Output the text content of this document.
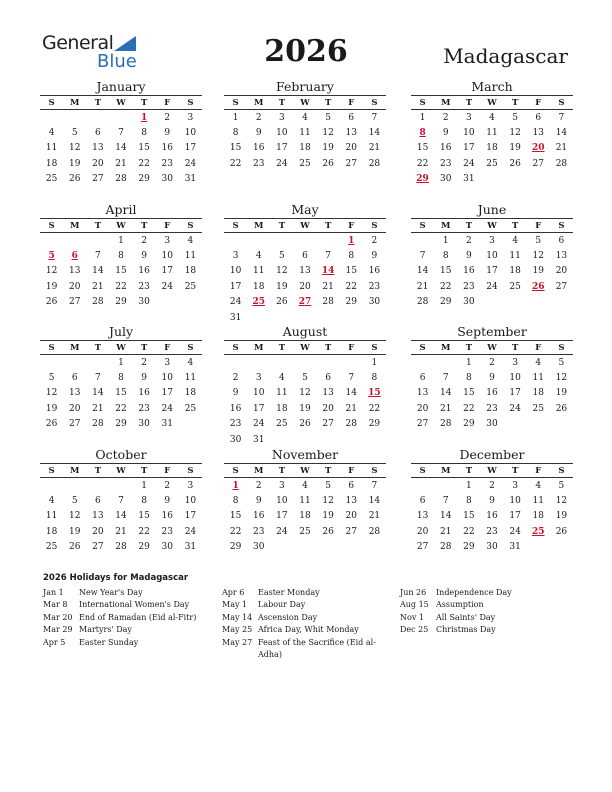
General
Blue	2026	Madagascar
January
S	M	T	W	T	F	S
				1	2	3
4	5	6	7	8	9	10
11	12	13	14	15	16	17
18	19	20	21	22	23	24
25	26	27	28	29	30	31
February
S	M	T	W	T	F	S
1	2	3	4	5	6	7
8	9	10	11	12	13	14
15	16	17	18	19	20	21
22	23	24	25	26	27	28
March
S	M	T	W	T	F	S
1	2	3	4	5	6	7
8	9	10	11	12	13	14
15	16	17	18	19	20	21
22	23	24	25	26	27	28
29	30	31				
April
S	M	T	W	T	F	S
			1	2	3	4
5	6	7	8	9	10	11
12	13	14	15	16	17	18
19	20	21	22	23	24	25
26	27	28	29	30		
May
S	M	T	W	T	F	S
					1	2
3	4	5	6	7	8	9
10	11	12	13	14	15	16
17	18	19	20	21	22	23
24	25	26	27	28	29	30
31						
June
S	M	T	W	T	F	S
	1	2	3	4	5	6
7	8	9	10	11	12	13
14	15	16	17	18	19	20
21	22	23	24	25	26	27
28	29	30				
July
S	M	T	W	T	F	S
			1	2	3	4
5	6	7	8	9	10	11
12	13	14	15	16	17	18
19	20	21	22	23	24	25
26	27	28	29	30	31	
August
S	M	T	W	T	F	S
						1
2	3	4	5	6	7	8
9	10	11	12	13	14	15
16	17	18	19	20	21	22
23	24	25	26	27	28	29
30	31					
September
S	M	T	W	T	F	S
		1	2	3	4	5
6	7	8	9	10	11	12
13	14	15	16	17	18	19
20	21	22	23	24	25	26
27	28	29	30			
October
S	M	T	W	T	F	S
				1	2	3
4	5	6	7	8	9	10
11	12	13	14	15	16	17
18	19	20	21	22	23	24
25	26	27	28	29	30	31
November
S	M	T	W	T	F	S
1	2	3	4	5	6	7
8	9	10	11	12	13	14
15	16	17	18	19	20	21
22	23	24	25	26	27	28
29	30					
December
S	M	T	W	T	F	S
		1	2	3	4	5
6	7	8	9	10	11	12
13	14	15	16	17	18	19
20	21	22	23	24	25	26
27	28	29	30	31		
2026 Holidays for Madagascar
Jan 1	New Year's Day
Mar 8	International Women's Day
Mar 20 End of Ramadan (Eid al-Fitr)
Mar 29 Martyrs' Day
Apr 5	Easter Sunday
Apr 6	Easter Monday
May 1	Labour Day
May 14 Ascension Day
May 25 Africa Day, Whit Monday
May 27 Feast of the Sacrifice (Eid al-Adha)
Jun 26	Independence Day
Aug 15 Assumption
Nov 1	All Saints' Day
Dec 25 Christmas Day
